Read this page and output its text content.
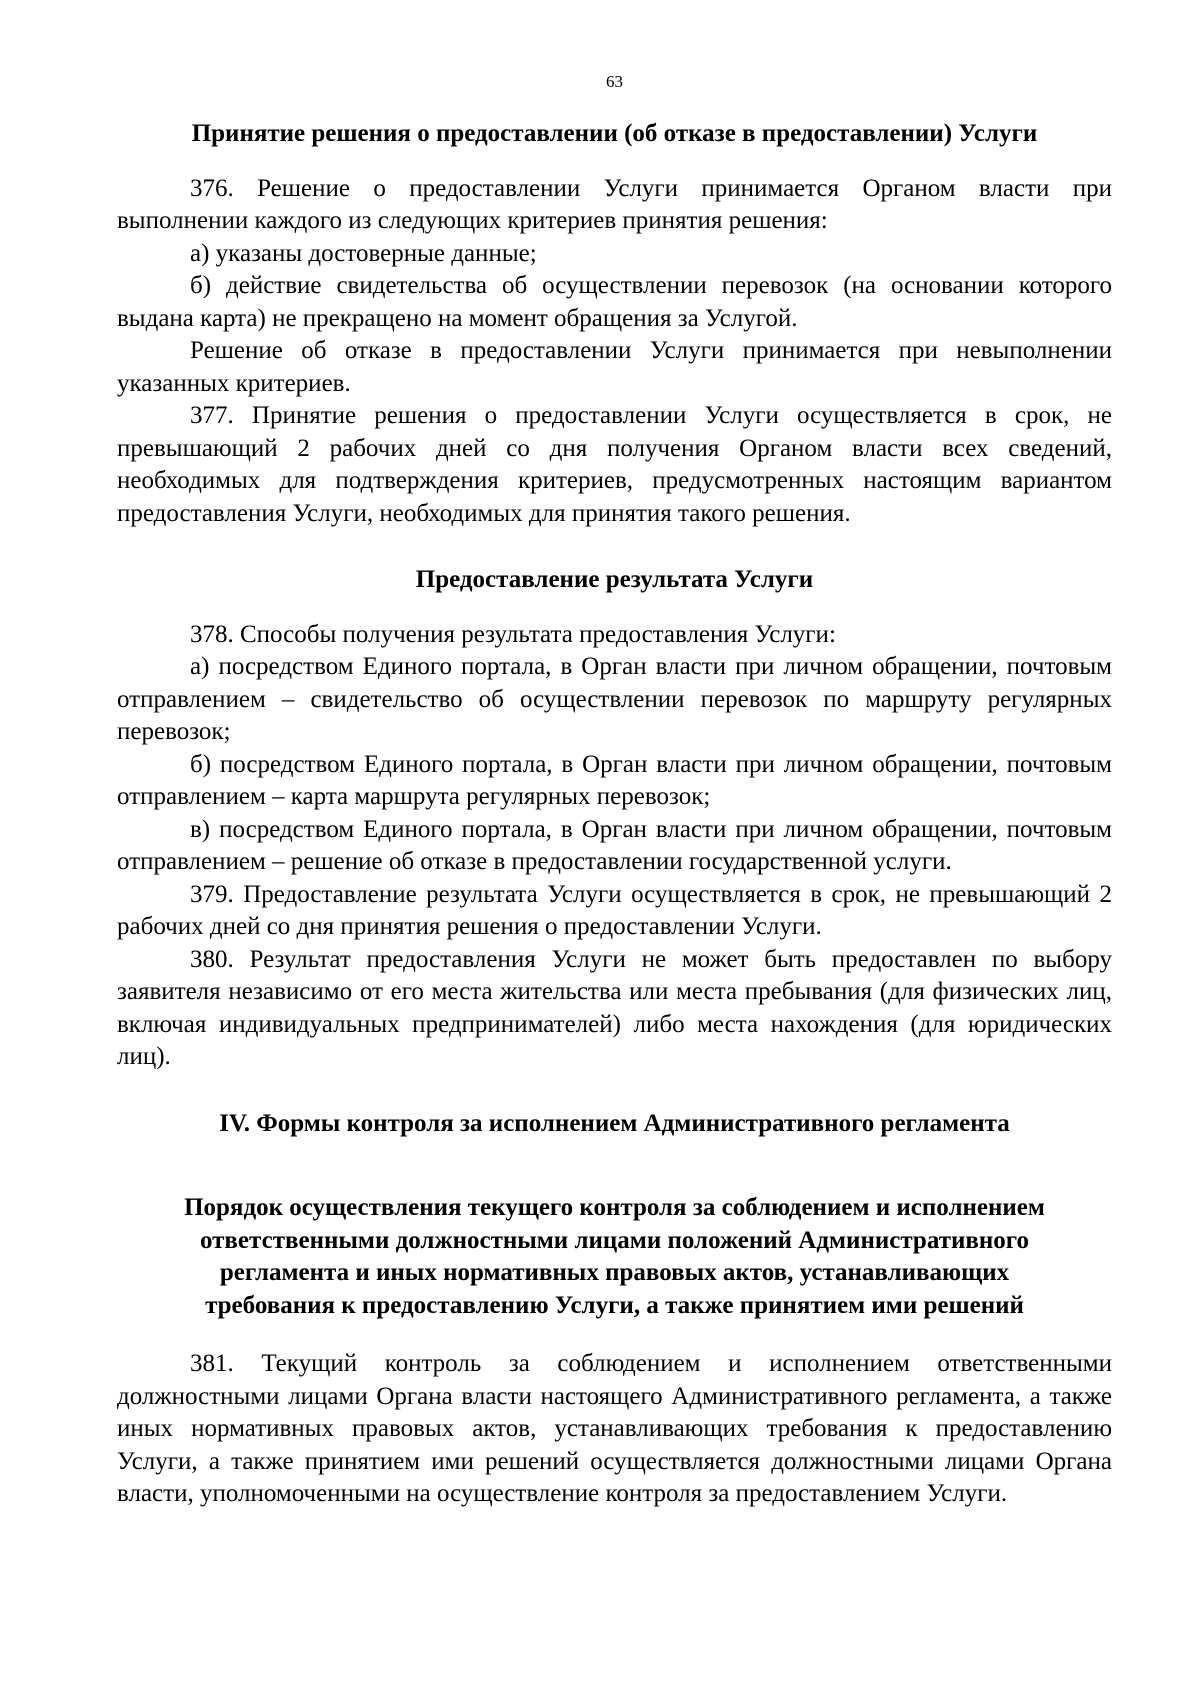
63
Принятие решения о предоставлении (об отказе в предоставлении) Услуги

376. Решение о предоставлении Услуги принимается Органом власти при выполнении каждого из следующих критериев принятия решения:

а) указаны достоверные данные;

б) действие свидетельства об осуществлении перевозок (на основании которого выдана карта) не прекращено на момент обращения за Услугой.

Решение об отказе в предоставлении Услуги принимается при невыполнении указанных критериев.

377. Принятие решения о предоставлении Услуги осуществляется в срок, не превышающий 2 рабочих дней со дня получения Органом власти всех сведений, необходимых для подтверждения критериев, предусмотренных настоящим вариантом предоставления Услуги, необходимых для принятия такого решения.

Предоставление результата Услуги

378. Способы получения результата предоставления Услуги:

а) посредством Единого портала, в Орган власти при личном обращении, почтовым отправлением – свидетельство об осуществлении перевозок по маршруту регулярных перевозок;

б) посредством Единого портала, в Орган власти при личном обращении, почтовым отправлением – карта маршрута регулярных перевозок;

в) посредством Единого портала, в Орган власти при личном обращении, почтовым отправлением – решение об отказе в предоставлении государственной услуги.

379. Предоставление результата Услуги осуществляется в срок, не превышающий 2 рабочих дней со дня принятия решения о предоставлении Услуги.

380. Результат предоставления Услуги не может быть предоставлен по выбору заявителя независимо от его места жительства или места пребывания (для физических лиц, включая индивидуальных предпринимателей) либо места нахождения (для юридических лиц).

IV. Формы контроля за исполнением Административного регламента
Порядок осуществления текущего контроля за соблюдением и исполнением
ответственными должностными лицами положений Административного
регламента и иных нормативных правовых актов, устанавливающих
требования к предоставлению Услуги, а также принятием ими решений

381. Текущий контроль за соблюдением и исполнением ответственными должностными лицами Органа власти настоящего Административного регламента, а также иных нормативных правовых актов, устанавливающих требования к предоставлению Услуги, а также принятием ими решений осуществляется должностными лицами Органа власти, уполномоченными на осуществление контроля за предоставлением Услуги.
